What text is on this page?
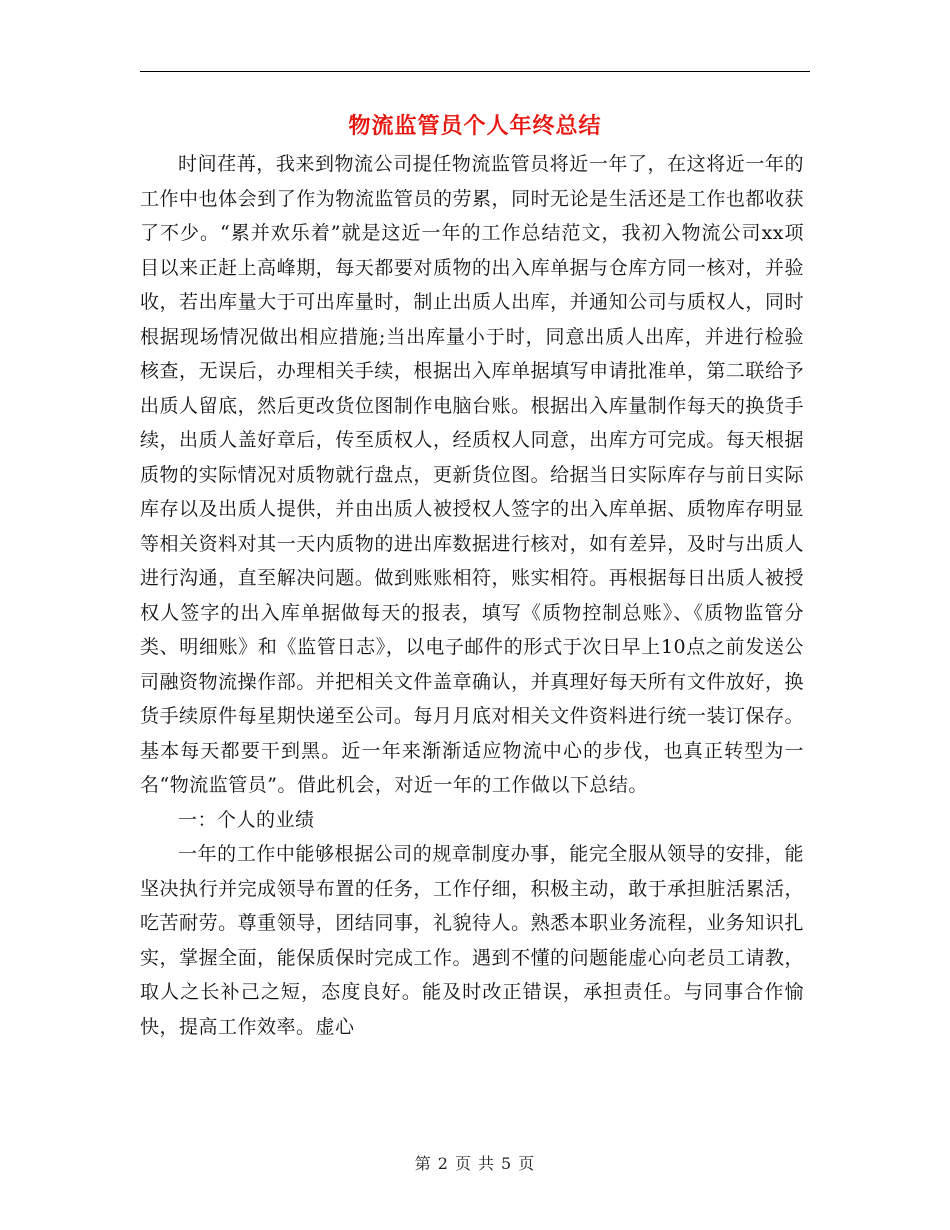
物流监管员个人年终总结

时间荏苒，我来到物流公司提任物流监管员将近一年了，在这将近一年的工作中也体会到了作为物流监管员的劳累，同时无论是生活还是工作也都收获了不少。“累并欢乐着”就是这近一年的工作总结范文，我初入物流公司xx项目以来正赶上高峰期，每天都要对质物的出入库单据与仓库方同一核对，并验收，若出库量大于可出库量时，制止出质人出库，并通知公司与质权人，同时根据现场情况做出相应措施;当出库量小于时，同意出质人出库，并进行检验核查，无误后，办理相关手续，根据出入库单据填写申请批准单，第二联给予出质人留底，然后更改货位图制作电脑台账。根据出入库量制作每天的换货手续，出质人盖好章后，传至质权人，经质权人同意，出库方可完成。每天根据质物的实际情况对质物就行盘点，更新货位图。给据当日实际库存与前日实际库存以及出质人提供，并由出质人被授权人签字的出入库单据、质物库存明显等相关资料对其一天内质物的进出库数据进行核对，如有差异，及时与出质人进行沟通，直至解决问题。做到账账相符，账实相符。再根据每日出质人被授权人签字的出入库单据做每天的报表，填写《质物控制总账》、《质物监管分类、明细账》和《监管日志》，以电子邮件的形式于次日早上10点之前发送公司融资物流操作部。并把相关文件盖章确认，并真理好每天所有文件放好，换货手续原件每星期快递至公司。每月月底对相关文件资料进行统一装订保存。基本每天都要干到黑。近一年来渐渐适应物流中心的步伐，也真正转型为一名“物流监管员”。借此机会，对近一年的工作做以下总结。

一：个人的业绩

一年的工作中能够根据公司的规章制度办事，能完全服从领导的安排，能坚决执行并完成领导布置的任务，工作仔细，积极主动，敢于承担脏活累活，吃苦耐劳。尊重领导，团结同事，礼貌待人。熟悉本职业务流程，业务知识扎实，掌握全面，能保质保时完成工作。遇到不懂的问题能虚心向老员工请教，取人之长补己之短，态度良好。能及时改正错误，承担责任。与同事合作愉快，提高工作效率。虚心

第 2 页 共 5 页
